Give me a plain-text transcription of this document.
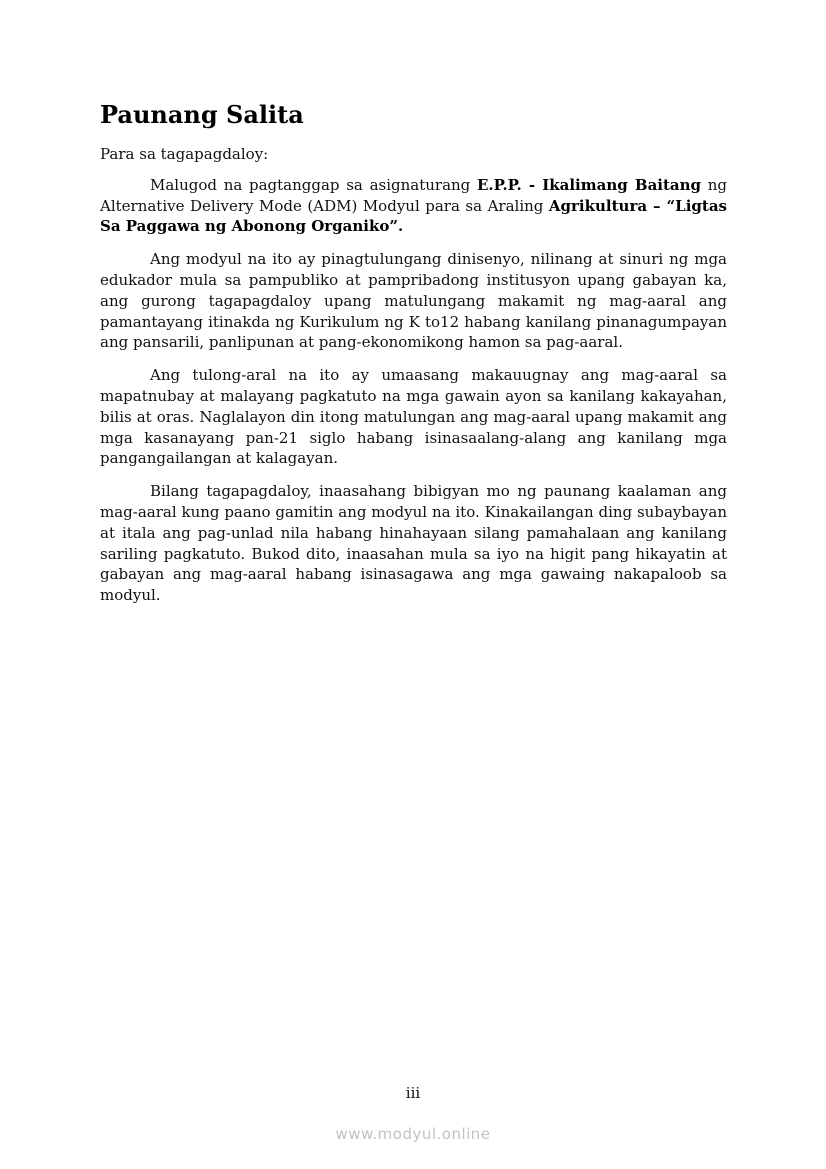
Paunang Salita

Para sa tagapagdaloy:

Malugod na pagtanggap sa asignaturang E.P.P. - Ikalimang Baitang ng Alternative Delivery Mode (ADM) Modyul para sa Araling Agrikultura – “Ligtas Sa Paggawa ng Abonong Organiko”.

Ang modyul na ito ay pinagtulungang dinisenyo, nilinang at sinuri ng mga edukador mula sa pampubliko at pampribadong institusyon upang gabayan ka, ang gurong tagapagdaloy upang matulungang makamit ng mag-aaral ang pamantayang itinakda ng Kurikulum ng K to12 habang kanilang pinanagumpayan ang pansarili, panlipunan at pang-ekonomikong hamon sa pag-aaral.

Ang tulong-aral na ito ay umaasang makauugnay ang mag-aaral sa mapatnubay at malayang pagkatuto na mga gawain ayon sa kanilang kakayahan, bilis at oras. Naglalayon din itong matulungan ang mag-aaral upang makamit ang mga kasanayang pan-21 siglo habang isinasaalang-alang ang kanilang mga pangangailangan at kalagayan.

Bilang tagapagdaloy, inaasahang bibigyan mo ng paunang kaalaman ang mag-aaral kung paano gamitin ang modyul na ito. Kinakailangan ding subaybayan at itala ang pag-unlad nila habang hinahayaan silang pamahalaan ang kanilang sariling pagkatuto. Bukod dito, inaasahan mula sa iyo na higit pang hikayatin at gabayan ang mag-aaral habang isinasagawa ang mga gawaing nakapaloob sa modyul.

iii
www.modyul.online
